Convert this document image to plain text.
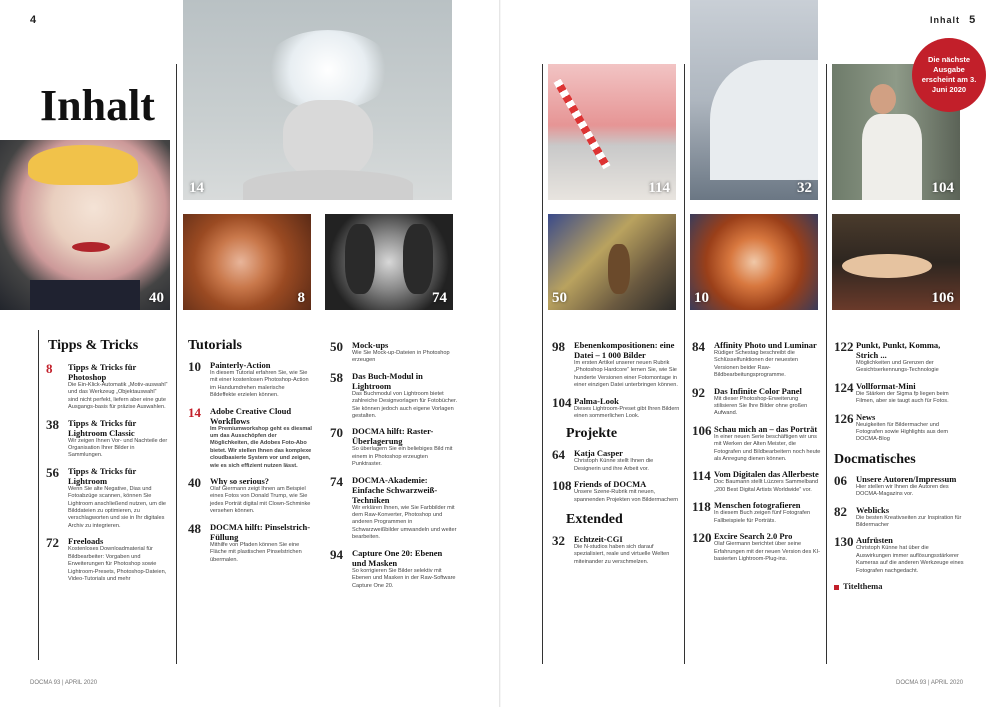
4
Inhalt
40
14
8	74
Tipps & Tricks
8	Tipps & Tricks für Photoshop
Die Ein-Klick-Automatik „Motiv-auswahl“ und das Werkzeug „Objektauswahl“ sind nicht perfekt, liefern aber eine gute Ausgangs-basis für präzise Auswahlen.
38	Tipps & Tricks für Lightroom Classic
Wir zeigen Ihnen Vor- und Nachteile der Organisation Ihrer Bilder in Sammlungen.
56	Tipps & Tricks für Lightroom
Wenn Sie alte Negative, Dias und Fotoabzüge scannen, können Sie Lightroom anschließend nutzen, um die Bilddateien zu optimieren, zu verschlagworten und sie in Ihr digitales Archiv zu integrieren.
72	Freeloads
Kostenloses Downloadmaterial für Bildbearbeiter: Vorgaben und Erweiterungen für Photoshop sowie Lightroom-Presets, Photoshop-Dateien, Video-Tutorials und mehr
Tutorials
10	Painterly-Action
In diesem Tutorial erfahren Sie, wie Sie mit einer kostenlosen Photoshop-Action im Handumdrehen malerische Bildeffekte erzielen können.
14	Adobe Creative Cloud Workflows
Im Premiumworkshop geht es diesmal um das Ausschöpfen der Möglichkeiten, die Adobes Foto-Abo bietet. Wir stellen Ihnen das komplexe cloudbasierte System vor und zeigen, wie es sich effizient nutzen lässt.
40	Why so serious?
Olaf Giermann zeigt Ihnen am Beispiel eines Fotos von Donald Trump, wie Sie jedes Porträt digital mit Clown-Schminke versehen können.
48	DOCMA hilft: Pinselstrich-Füllung
Mithilfe von Pfaden können Sie eine Fläche mit plastischen Pinselstrichen übermalen.
50	Mock-ups
Wie Sie Mock-up-Dateien in Photoshop erzeugen
58	Das Buch-Modul in Lightroom
Das Buchmodul von Lightroom bietet zahlreiche Designvorlagen für Fotobücher. Sie können jedoch auch eigene Vorlagen gestalten.
70	DOCMA hilft: Raster-Überlagerung
So überlagern Sie ein beliebiges Bild mit einem in Photoshop erzeugten Punktraster.
74	DOCMA-Akademie: Einfache Schwarzweiß-Techniken
Wir erklären Ihnen, wie Sie Farbbilder mit dem Raw-Konverter, Photoshop und anderen Programmen in Schwarzweißbilder umwandeln und weiter bearbeiten.
94	Capture One 20: Ebenen und Masken
So korrigieren Sie Bilder selektiv mit Ebenen und Masken in der Raw-Software Capture One 20.
DOCMA 93 | APRIL 2020
Inhalt 5
114	32	104
50	10	106
Die nächste Ausgabe erscheint am 3. Juni 2020
98	Ebenenkompositionen: eine Datei – 1 000 Bilder
Im ersten Artikel unserer neuen Rubrik „Photoshop Hardcore“ lernen Sie, wie Sie hunderte Versionen einer Fotomontage in einer einzigen Datei unterbringen können.
104 Palma-Look
Dieses Lightroom-Preset gibt Ihren Bildern einen sommerlichen Look.
Projekte
64	Katja Casper
Christoph Künne stellt Ihnen die Designerin und ihre Arbeit vor.
108 Friends of DOCMA
Unsere Szene-Rubrik mit neuen, spannenden Projekten von Bildermachern
Extended
32	Echtzeit-CGI
Die N-studios haben sich darauf spezialisiert, reale und virtuelle Welten miteinander zu verschmelzen.
84	Affinity Photo und Luminar
Rüdiger Schestag beschreibt die Schlüsselfunktionen der neuesten Versionen beider Raw-Bildbearbeitungsprogramme.
92	Das Infinite Color Panel
Mit dieser Photoshop-Erweiterung stilisieren Sie Ihre Bilder ohne großen Aufwand.
106 Schau mich an – das Porträt
In einer neuen Serie beschäftigen wir uns mit Werken der Alten Meister, die Fotografen und Bildbearbeitern noch heute als Anregung dienen können.
114 Vom Digitalen das Allerbeste
Doc Baumann stellt Lüzzers Sammelband „200 Best Digital Artists Worldwide“ vor.
118 Menschen fotografieren
In diesem Buch zeigen fünf Fotografen Fallbeispiele für Porträts.
120 Excire Search 2.0 Pro
Olaf Giermann berichtet über seine Erfahrungen mit der neuen Version des KI-basierten Lightroom-Plug-ins.
122 Punkt, Punkt, Komma, Strich ...
Möglichkeiten und Grenzen der Gesichtserkennungs-Technologie
124 Vollformat-Mini
Die Stärken der Sigma fp liegen beim Filmen, aber sie taugt auch für Fotos.
126 News
Neuigkeiten für Bildermacher und Fotografen sowie Highlights aus dem DOCMA-Blog
Docmatisches
06	Unsere Autoren/Impressum
Hier stellen wir Ihnen die Autoren des DOCMA-Magazins vor.
82	Weblicks
Die besten Kreativseiten zur Inspiration für Bildermacher
130 Aufrüsten
Christoph Künne hat über die Auswirkungen immer auflösungsstärkerer Kameras auf die anderen Werkzeuge eines Fotografen nachgedacht.
Titelthema
DOCMA 93 | APRIL 2020
